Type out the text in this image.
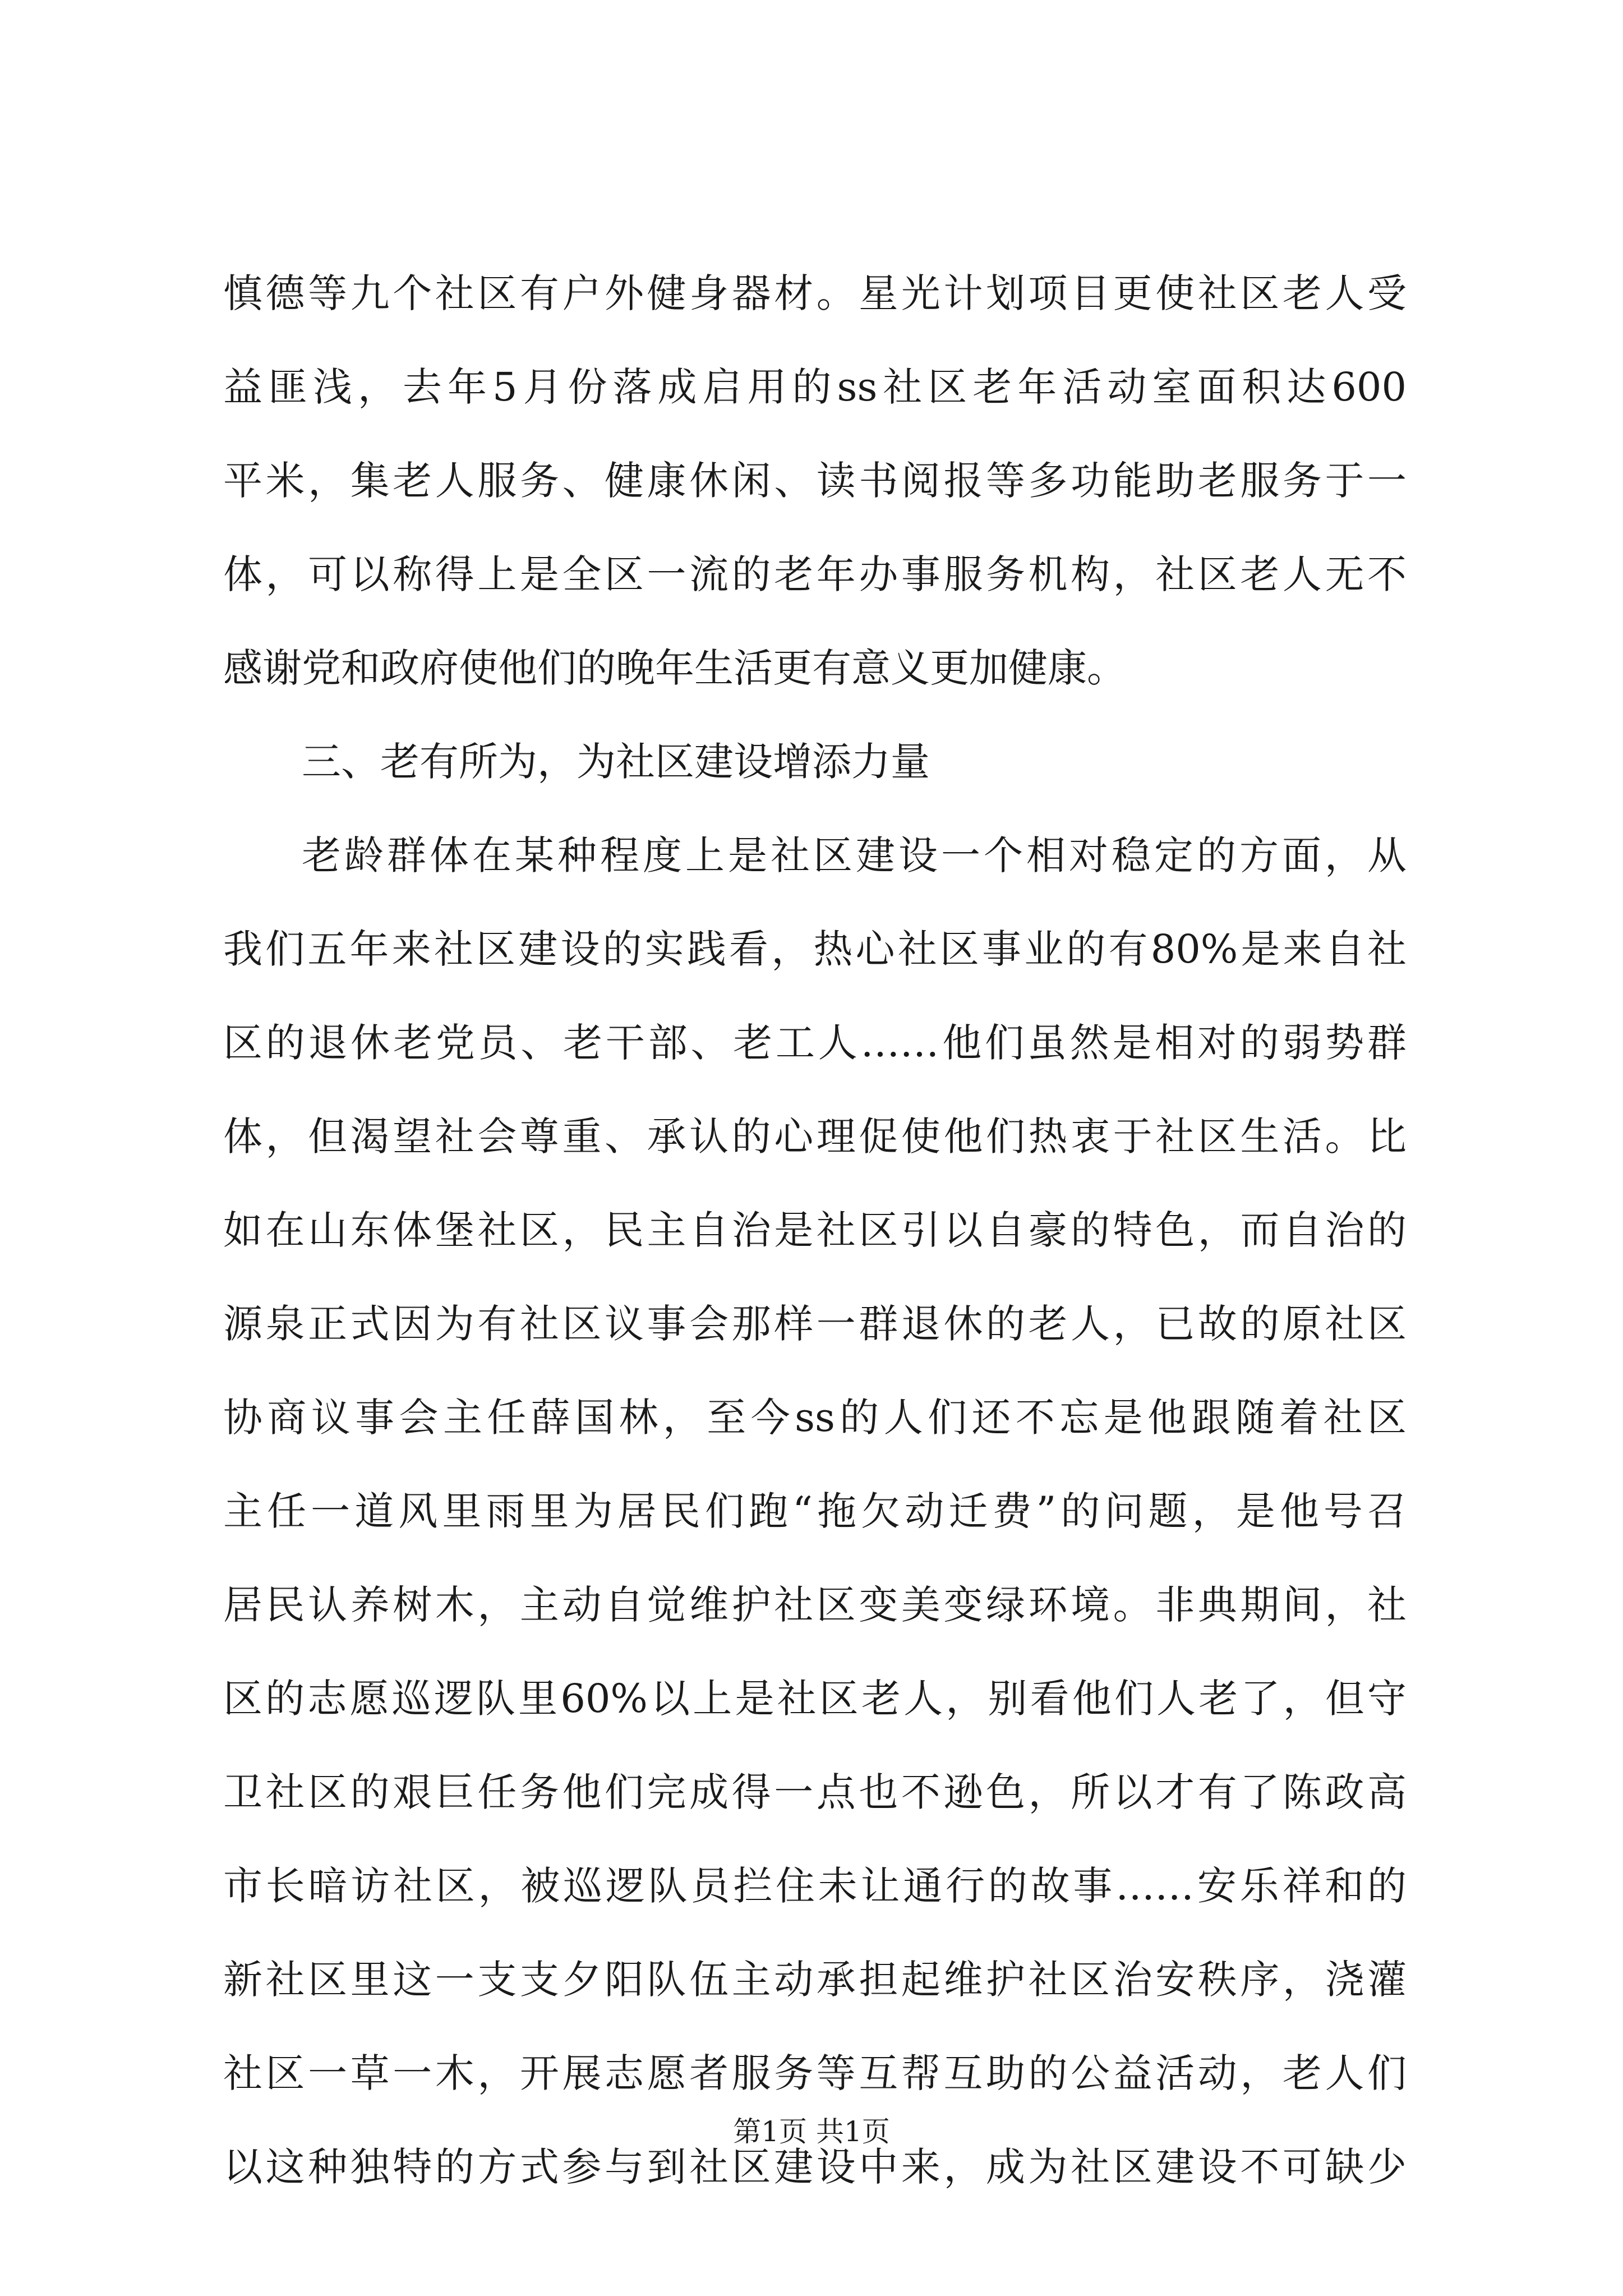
慎德等九个社区有户外健身器材。星光计划项目更使社区老人受
益匪浅，去年5月份落成启用的ss社区老年活动室面积达600
平米，集老人服务、健康休闲、读书阅报等多功能助老服务于一
体，可以称得上是全区一流的老年办事服务机构，社区老人无不
感谢党和政府使他们的晚年生活更有意义更加健康。
三、老有所为，为社区建设增添力量
老龄群体在某种程度上是社区建设一个相对稳定的方面，从
我们五年来社区建设的实践看，热心社区事业的有80%是来自社
区的退休老党员、老干部、老工人……他们虽然是相对的弱势群
体，但渴望社会尊重、承认的心理促使他们热衷于社区生活。比
如在山东体堡社区，民主自治是社区引以自豪的特色，而自治的
源泉正式因为有社区议事会那样一群退休的老人，已故的原社区
协商议事会主任薛国林，至今ss的人们还不忘是他跟随着社区
主任一道风里雨里为居民们跑“拖欠动迁费”的问题，是他号召
居民认养树木，主动自觉维护社区变美变绿环境。非典期间，社
区的志愿巡逻队里60%以上是社区老人，别看他们人老了，但守
卫社区的艰巨任务他们完成得一点也不逊色，所以才有了陈政高
市长暗访社区，被巡逻队员拦住未让通行的故事……安乐祥和的
新社区里这一支支夕阳队伍主动承担起维护社区治安秩序，浇灌
社区一草一木，开展志愿者服务等互帮互助的公益活动，老人们
以这种独特的方式参与到社区建设中来，成为社区建设不可缺少
第1页 共1页
